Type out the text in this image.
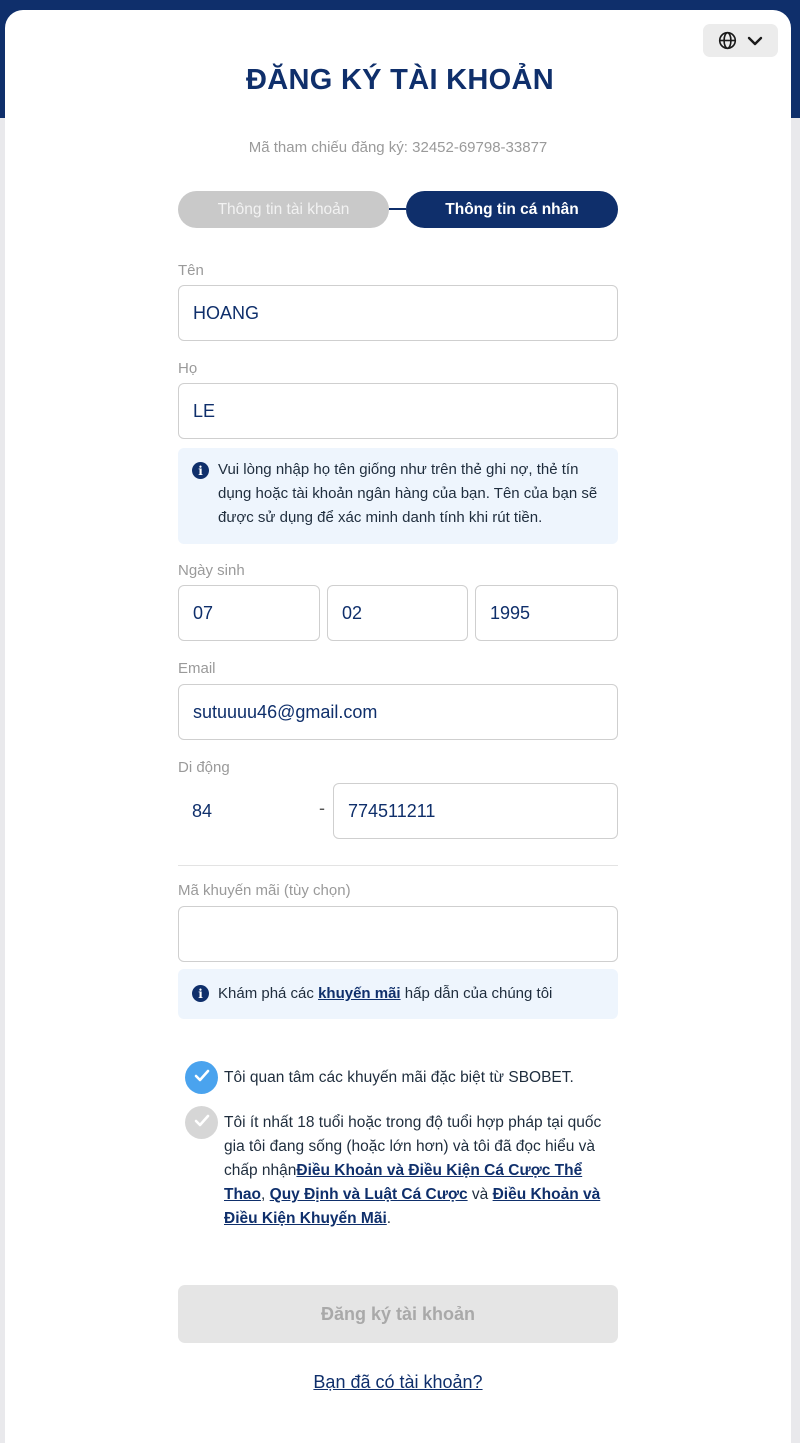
ĐĂNG KÝ TÀI KHOẢN
Mã tham chiếu đăng ký: 32452-69798-33877
Thông tin tài khoản	Thông tin cá nhân
Tên
HOANG
Họ
LE
i	Vui lòng nhập họ tên giống như trên thẻ ghi nợ, thẻ tín dụng hoặc tài khoản ngân hàng của bạn. Tên của bạn sẽ được sử dụng để xác minh danh tính khi rút tiền.
Ngày sinh
07	02	1995
Email
sutuuuu46@gmail.com
Di động
84	-	774511211
Mã khuyến mãi (tùy chọn)
i	Khám phá các khuyến mãi hấp dẫn của chúng tôi
Tôi quan tâm các khuyến mãi đặc biệt từ SBOBET.
Tôi ít nhất 18 tuổi hoặc trong độ tuổi hợp pháp tại quốc gia tôi đang sống (hoặc lớn hơn) và tôi đã đọc hiểu và chấp nhậnĐiều Khoản và Điều Kiện Cá Cược Thể Thao, Quy Định và Luật Cá Cược và Điều Khoản và Điều Kiện Khuyến Mãi.
Đăng ký tài khoản
Bạn đã có tài khoản?
